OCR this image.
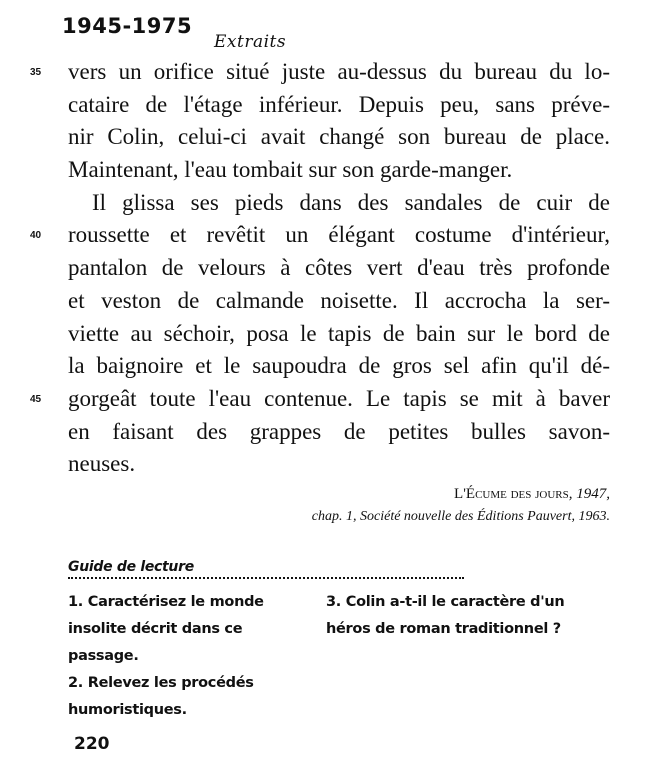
1945-1975
Extraits
35	vers un orifice situé juste au-dessus du bureau du lo-
cataire de l'étage inférieur. Depuis peu, sans préve-
nir Colin, celui-ci avait changé son bureau de place.
Maintenant, l'eau tombait sur son garde-manger.
Il glissa ses pieds dans des sandales de cuir de
40	roussette et revêtit un élégant costume d'intérieur,
pantalon de velours à côtes vert d'eau très profonde
et veston de calmande noisette. Il accrocha la ser-
viette au séchoir, posa le tapis de bain sur le bord de
la baignoire et le saupoudra de gros sel afin qu'il dé-
45	gorgeât toute l'eau contenue. Le tapis se mit à baver
en faisant des grappes de petites bulles savon-
neuses.
L'Écume des jours, 1947,
chap. 1, Société nouvelle des Éditions Pauvert, 1963.
Guide de lecture
1. Caractérisez le monde insolite décrit dans ce passage.
2. Relevez les procédés humoristiques.
3. Colin a-t-il le caractère d'un héros de roman traditionnel ?
220
